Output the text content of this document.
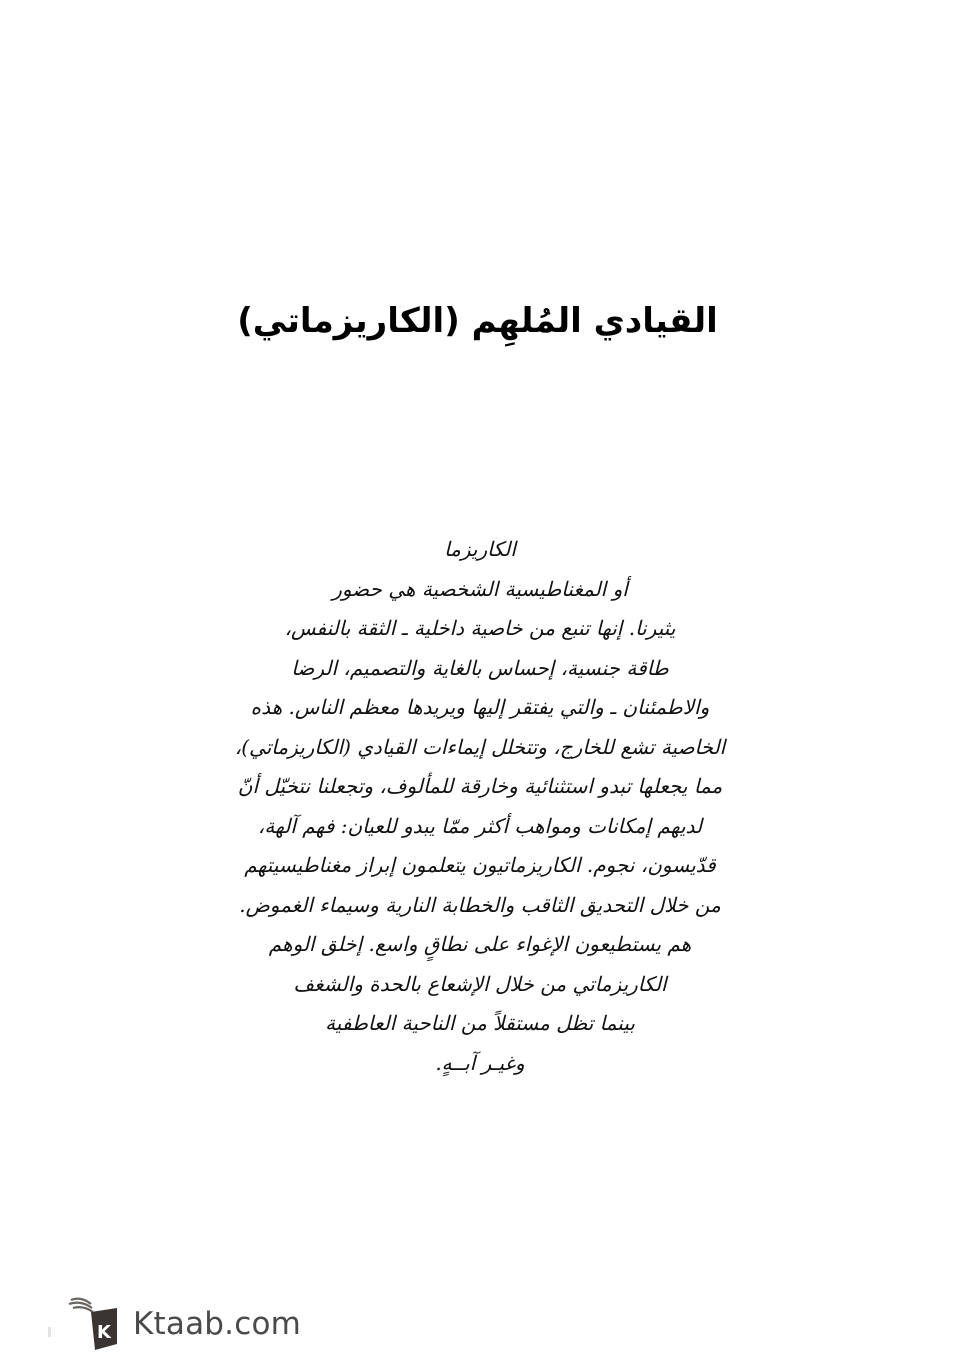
القيادي المُلهِم (الكاريزماتي)
الكاريزما
أو المغناطيسية الشخصية هي حضور
يثيرنا. إنها تنبع من خاصية داخلية ـ الثقة بالنفس،
طاقة جنسية، إحساس بالغاية والتصميم، الرضا
والاطمئنان ـ والتي يفتقر إليها ويريدها معظم الناس. هذه
الخاصية تشع للخارج، وتتخلل إيماءات القيادي (الكاريزماتي)،
مما يجعلها تبدو استثنائية وخارقة للمألوف، وتجعلنا نتخيّل أنّ
لديهم إمكانات ومواهب أكثر ممّا يبدو للعيان: فهم آلهة،
قدّيسون، نجوم. الكاريزماتيون يتعلمون إبراز مغناطيسيتهم
من خلال التحديق الثاقب والخطابة النارية وسيماء الغموض.
هم يستطيعون الإغواء على نطاقٍ واسع. إخلق الوهم
الكاريزماتي من خلال الإشعاع بالحدة والشغف
بينما تظل مستقلاً من الناحية العاطفية
وغيـر آبــهٍ.
K Ktaab.com
